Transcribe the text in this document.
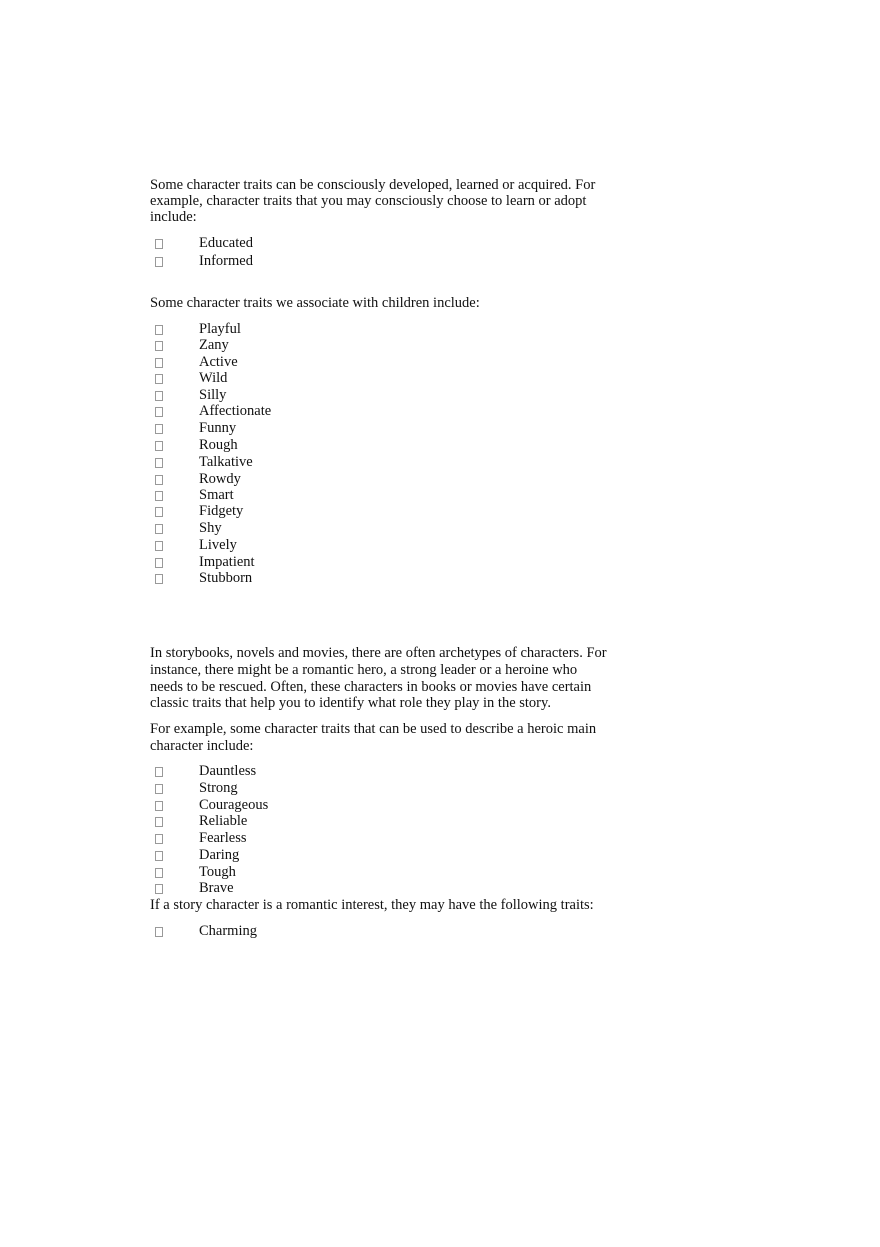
Some character traits can be consciously developed, learned or acquired. For
example, character traits that you may consciously choose to learn or adopt
include:
Educated
Informed
Some character traits we associate with children include:
Playful
Zany
Active
Wild
Silly
Affectionate
Funny
Rough
Talkative
Rowdy
Smart
Fidgety
Shy
Lively
Impatient
Stubborn
In storybooks, novels and movies, there are often archetypes of characters. For
instance, there might be a romantic hero, a strong leader or a heroine who
needs to be rescued. Often, these characters in books or movies have certain
classic traits that help you to identify what role they play in the story.
For example, some character traits that can be used to describe a heroic main
character include:
Dauntless
Strong
Courageous
Reliable
Fearless
Daring
Tough
Brave
If a story character is a romantic interest, they may have the following traits:
Charming
